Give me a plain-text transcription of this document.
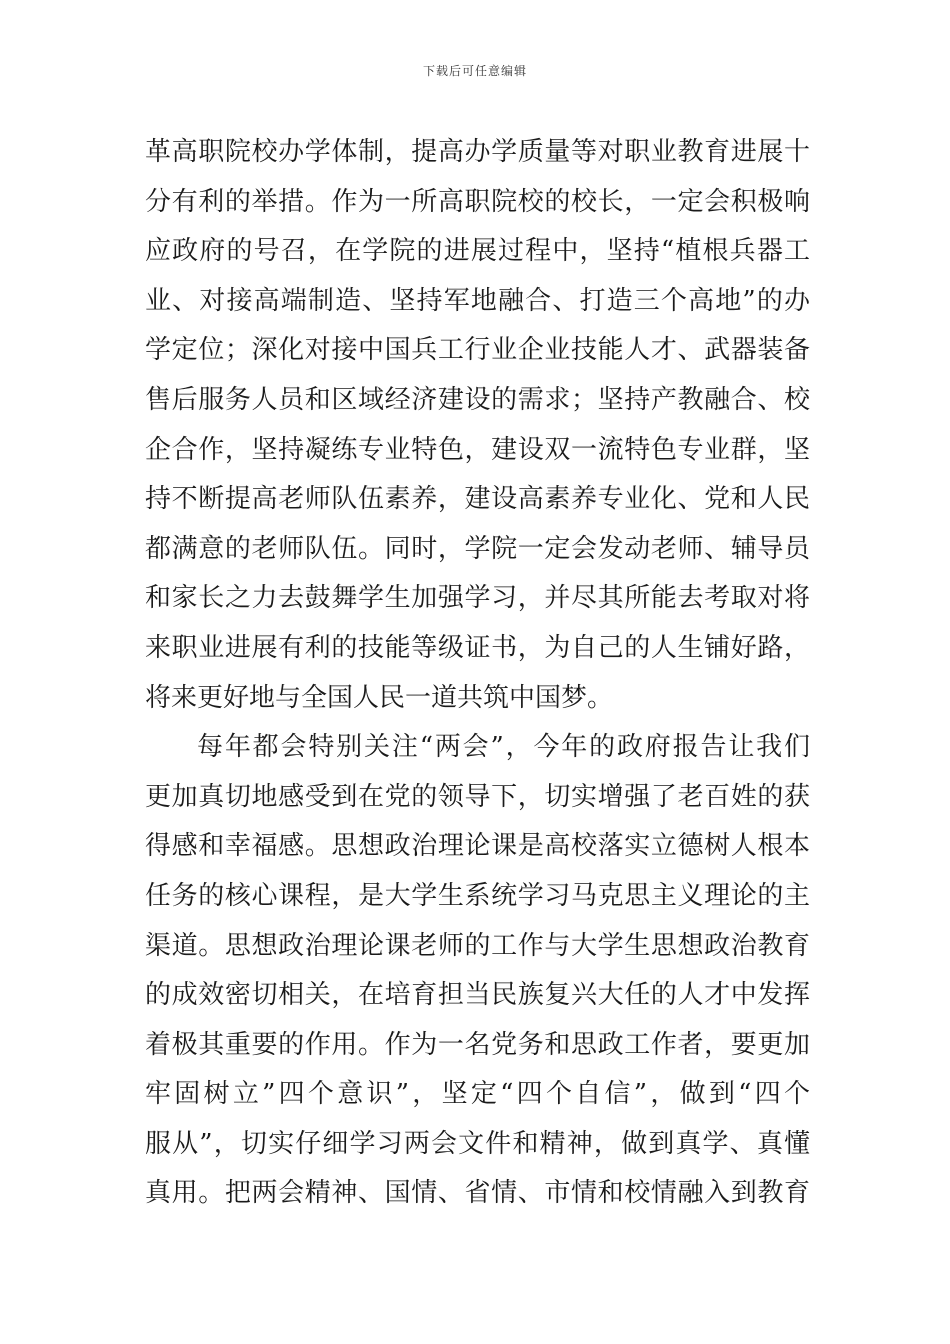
下载后可任意编辑
革高职院校办学体制，提高办学质量等对职业教育进展十
分有利的举措。作为一所高职院校的校长，一定会积极响
应政府的号召，在学院的进展过程中，坚持“植根兵器工
业、对接高端制造、坚持军地融合、打造三个高地”的办
学定位；深化对接中国兵工行业企业技能人才、武器装备
售后服务人员和区域经济建设的需求；坚持产教融合、校
企合作，坚持凝练专业特色，建设双一流特色专业群，坚
持不断提高老师队伍素养，建设高素养专业化、党和人民
都满意的老师队伍。同时，学院一定会发动老师、辅导员
和家长之力去鼓舞学生加强学习，并尽其所能去考取对将
来职业进展有利的技能等级证书，为自己的人生铺好路，
将来更好地与全国人民一道共筑中国梦。
每年都会特别关注“两会”，今年的政府报告让我们
更加真切地感受到在党的领导下，切实增强了老百姓的获
得感和幸福感。思想政治理论课是高校落实立德树人根本
任务的核心课程，是大学生系统学习马克思主义理论的主
渠道。思想政治理论课老师的工作与大学生思想政治教育
的成效密切相关，在培育担当民族复兴大任的人才中发挥
着极其重要的作用。作为一名党务和思政工作者，要更加
牢固树立”四个意识”，坚定“四个自信”，做到“四个
服从”，切实仔细学习两会文件和精神，做到真学、真懂
真用。把两会精神、国情、省情、市情和校情融入到教育
